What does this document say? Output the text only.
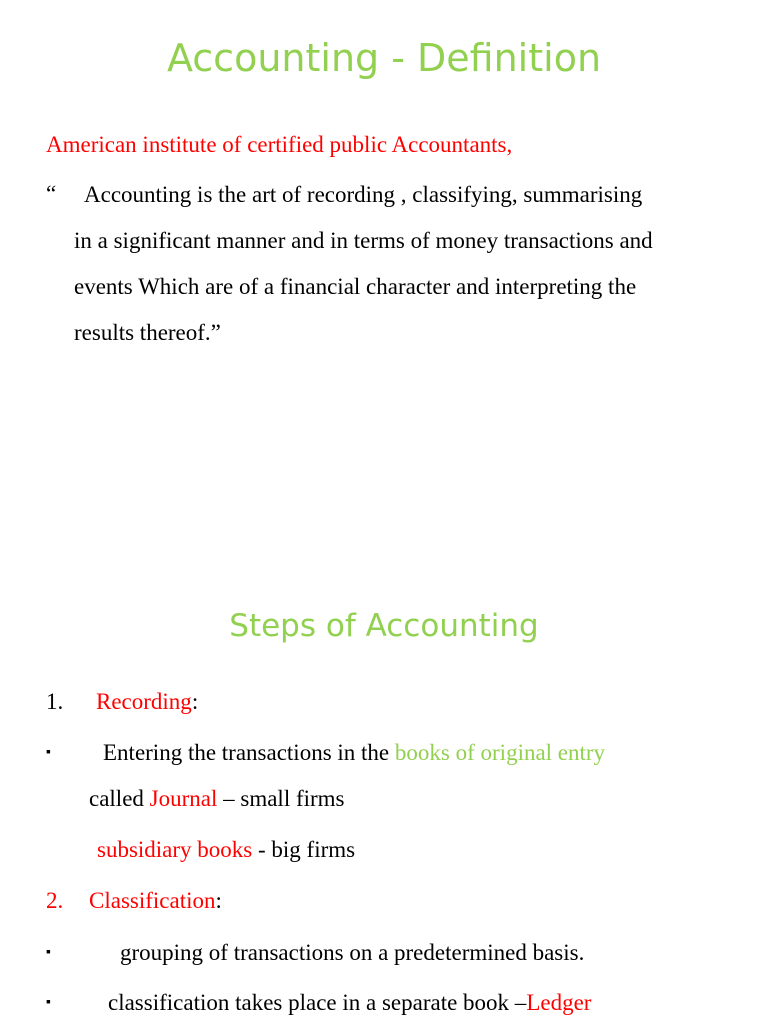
Accounting - Definition
American institute of certified public Accountants,
“ Accounting is the art of recording , classifying, summarising
in a significant manner and in terms of money transactions and
events Which are of a financial character and interpreting the
results thereof.”
Steps of Accounting
1. Recording:
▪ Entering the transactions in the books of original entry
called Journal – small firms
subsidiary books - big firms
2. Classification:
▪	grouping of transactions on a predetermined basis.
▪ classification takes place in a separate book –Ledger
